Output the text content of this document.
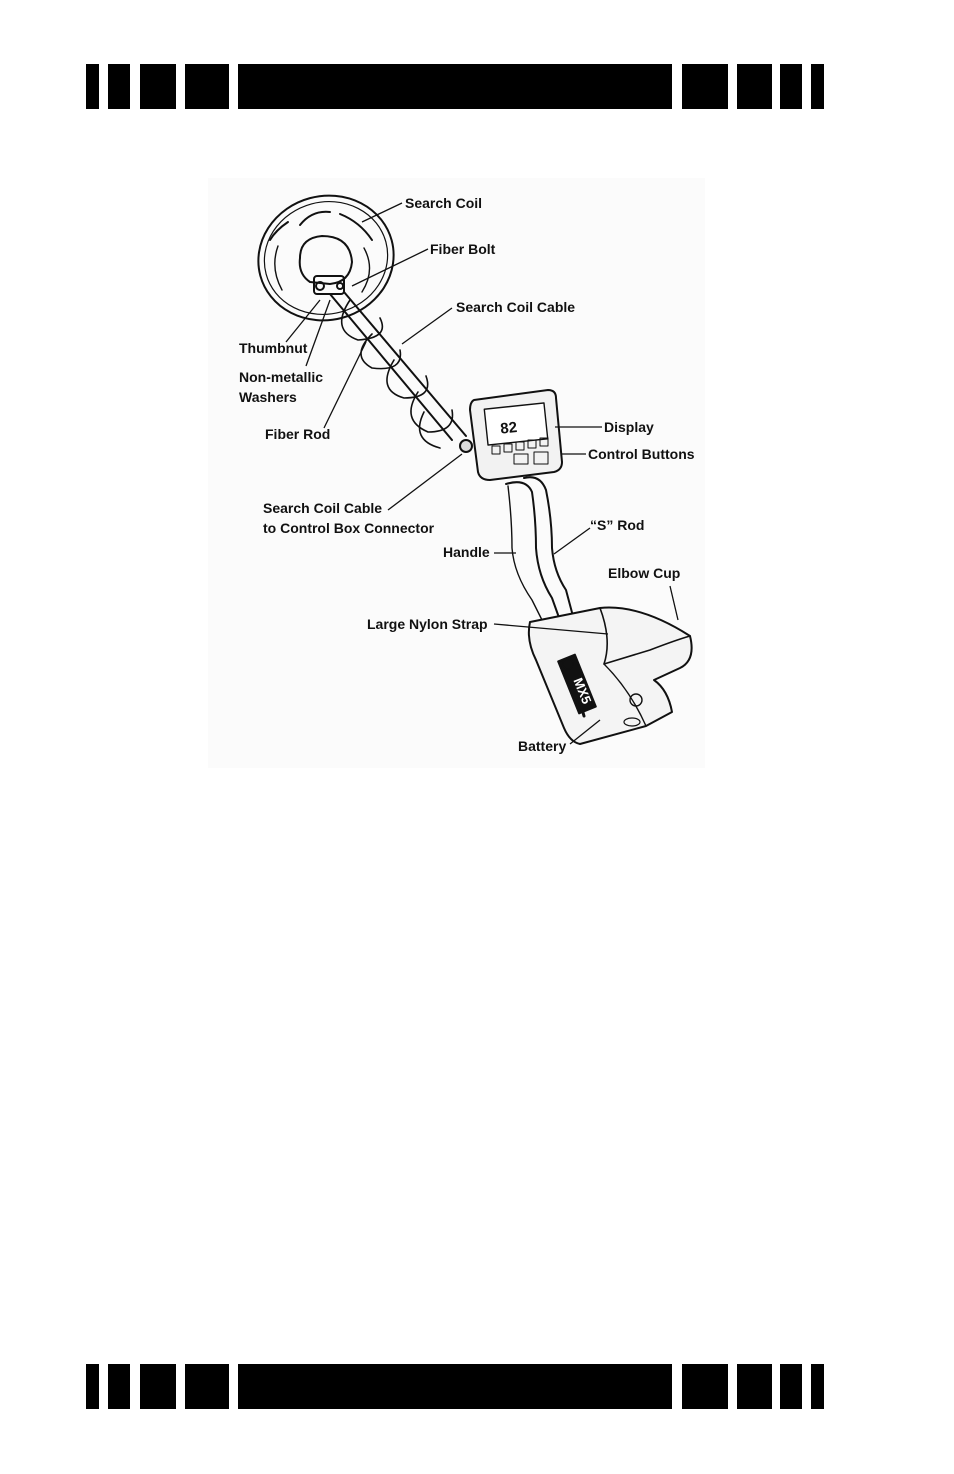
82
MX5
Search Coil
Fiber Bolt
Search Coil Cable
Thumbnut
Non-metallic
Washers
Fiber Rod	Display
Control Buttons
Search Coil Cable
to Control Box Connector	“S” Rod
Handle
Elbow Cup
Large Nylon Strap
Battery
